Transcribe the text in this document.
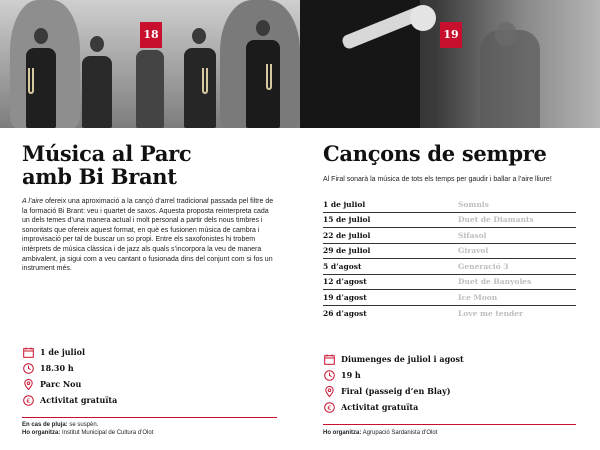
18	19
Música al Parc
amb Bi Brant

A l’aire ofereix una aproximació a la cançó d’arrel tradicional passada pel filtre de la formació Bi Brant: veu i quartet de saxos. Aquesta proposta reinterpreta cada un dels temes d’una manera actual i molt personal a partir dels nous timbres i sonoritats que ofereix aquest format, en què es fusionen música de cambra i improvisació per tal de buscar un so propi. Entre els saxofonistes hi trobem intèrprets de música clàssica i de jazz als quals s’incorpora la veu de manera ambivalent, ja sigui com a veu cantant o fusionada dins del conjunt com si fos un instrument més.

Cançons de sempre

Al Firal sonarà la música de tots els temps per gaudir i ballar a l’aire lliure!

1 de juliol	Somnis
15 de juliol	Duet de Diamants
22 de juliol	Sifasol
29 de juliol	Giravol
5 d’agost	Generació 3
12 d’agost	Duet de Banyoles
19 d’agost	Ice Moon
26 d’agost	Love me tender
1 de juliol
18.30 h
Parc Nou
€ Activitat gratuïta
Diumenges de juliol i agost
19 h
Firal (passeig d’en Blay)
€ Activitat gratuïta
En cas de pluja: se suspèn.
Ho organitza: Institut Municipal de Cultura d’Olot	Ho organitza: Agrupació Sardanista d’Olot
